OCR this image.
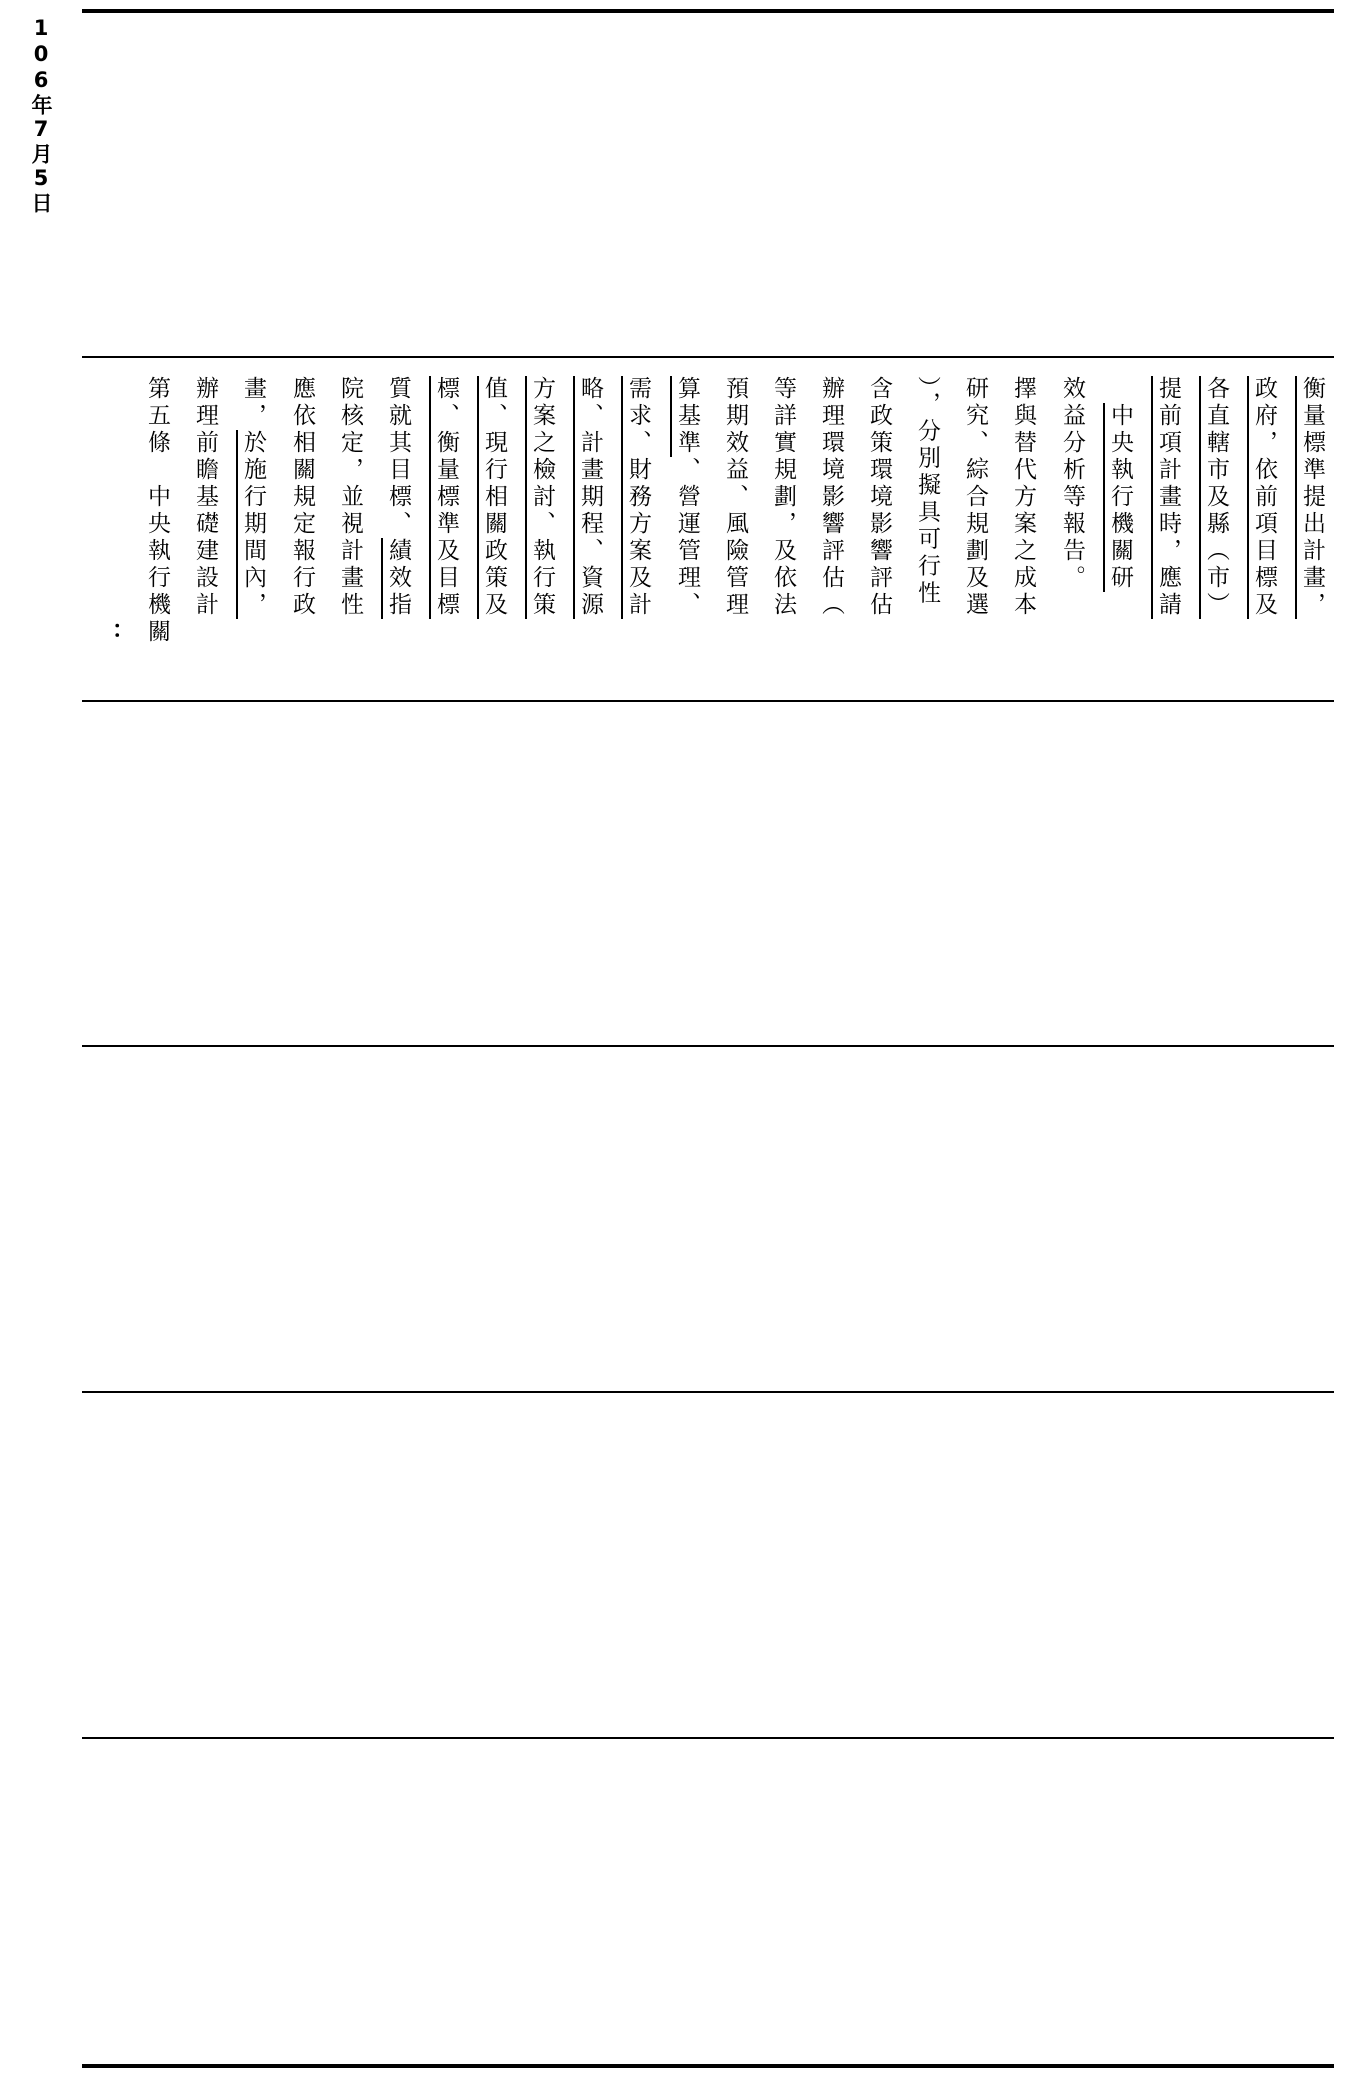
106年7月5日
： 第五條　中央執行機關 辦理前瞻基礎建設計 畫，於施行期間內， 應依相關規定報行政 院核定，並視計畫性 質就其目標、績效指 標、衡量標準及目標 值、現行相關政策及 方案之檢討、執行策 略、計畫期程、資源 需求、財務方案及計 算基準、營運管理、 預期效益、風險管理 等詳實規劃，及依法 辦理環境影響評估（ 含政策環境影響評估 ），分別擬具可行性 研究、綜合規劃及選 擇與替代方案之成本 效益分析等報告。
　 中央執行機關研 提前項計畫時，應請 各直轄市及縣（市） 政府，依前項目標及 衡量標準提出計畫，
